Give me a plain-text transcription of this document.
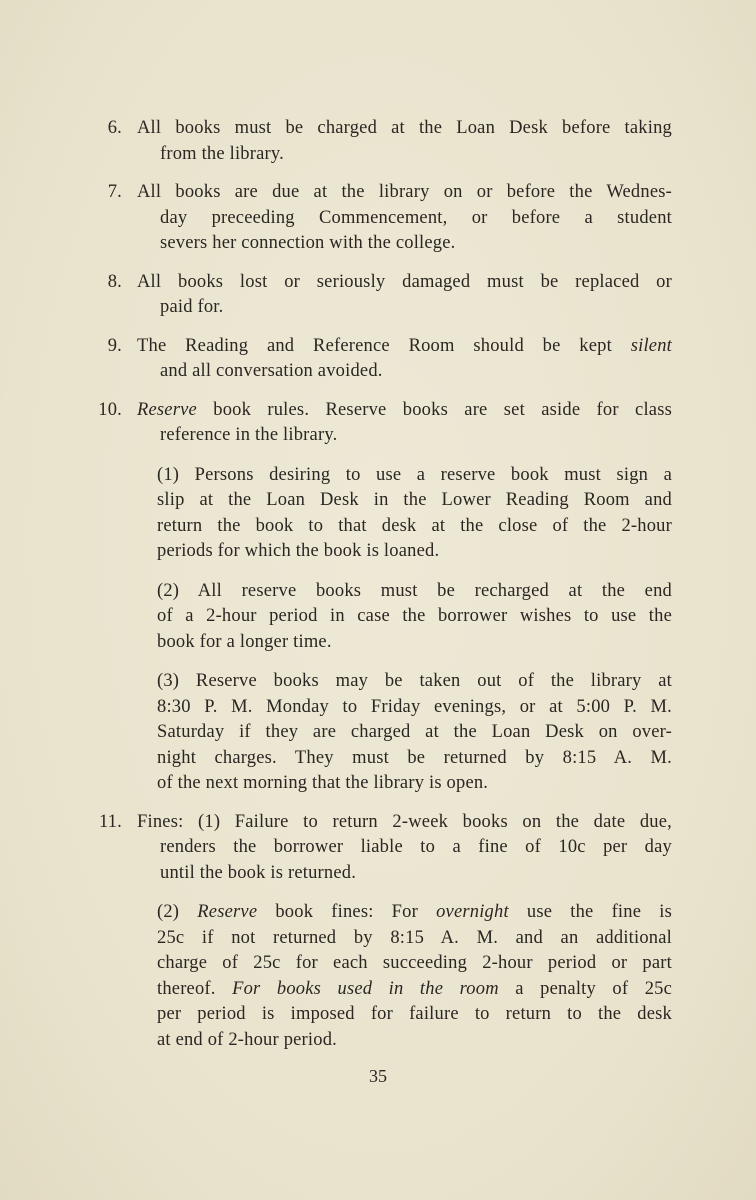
6. All books must be charged at the Loan Desk before taking
from the library.
7. All books are due at the library on or before the Wednes-
day preceeding Commencement, or before a student
severs her connection with the college.
8. All books lost or seriously damaged must be replaced or
paid for.
9. The Reading and Reference Room should be kept silent
and all conversation avoided.
10. Reserve book rules. Reserve books are set aside for class
reference in the library.
(1) Persons desiring to use a reserve book must sign a
slip at the Loan Desk in the Lower Reading Room and
return the book to that desk at the close of the 2-hour
periods for which the book is loaned.
(2) All reserve books must be recharged at the end
of a 2-hour period in case the borrower wishes to use the
book for a longer time.
(3) Reserve books may be taken out of the library at
8:30 P. M. Monday to Friday evenings, or at 5:00 P. M.
Saturday if they are charged at the Loan Desk on over-
night charges. They must be returned by 8:15 A. M.
of the next morning that the library is open.
11. Fines: (1) Failure to return 2-week books on the date due,
renders the borrower liable to a fine of 10c per day
until the book is returned.
(2) Reserve book fines: For overnight use the fine is
25c if not returned by 8:15 A. M. and an additional
charge of 25c for each succeeding 2-hour period or part
thereof. For books used in the room a penalty of 25c
per period is imposed for failure to return to the desk
at end of 2-hour period.
35
